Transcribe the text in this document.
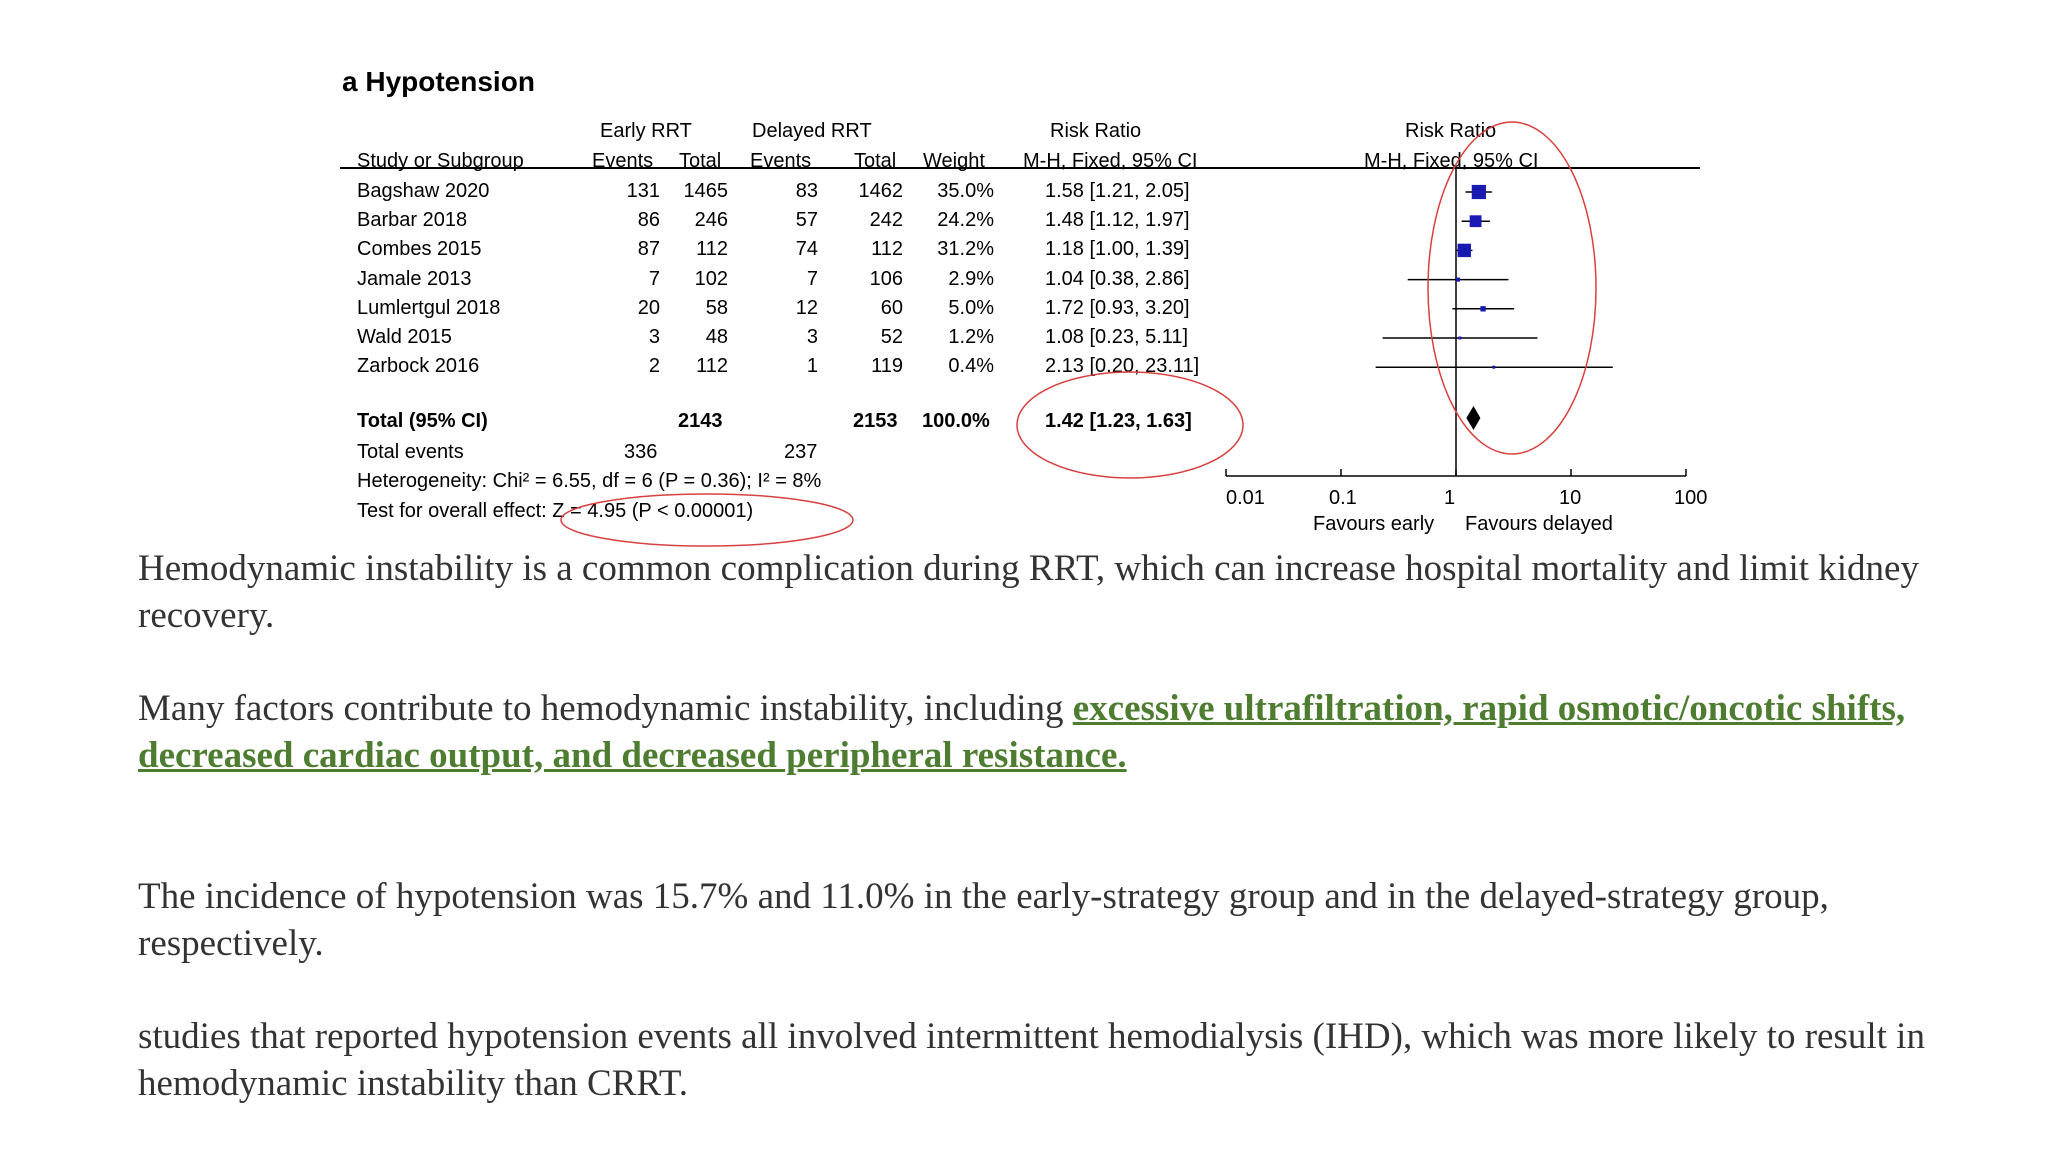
a Hypotension
Early RRT	Delayed RRT	Risk Ratio	Risk Ratio
Study or Subgroup	Events Total Events Total Weight M-H, Fixed, 95% CI	M-H, Fixed, 95% CI
Bagshaw 2020	131 1465	83 1462 35.0%	1.58 [1.21, 2.05]
Barbar 2018	86 246	57	242 24.2%	1.48 [1.12, 1.97]
Combes 2015	87 112	74	112 31.2%	1.18 [1.00, 1.39]
Jamale 2013	7 102	7	106 2.9%	1.04 [0.38, 2.86]
Lumlertgul 2018	20 58	12	60 5.0%	1.72 [0.93, 3.20]
Wald 2015	3 48	3	52 1.2%	1.08 [0.23, 5.11]
Zarbock 2016	2 112	1	119 0.4%	2.13 [0.20, 23.11]
Total (95% CI)	2143	2153 100.0%	1.42 [1.23, 1.63]
Total events	336	237
Heterogeneity: Chi² = 6.55, df = 6 (P = 0.36); I² = 8%
Test for overall effect: Z = 4.95 (P < 0.00001)
0.01	0.1	1	10	100
Favours early Favours delayed
Hemodynamic instability is a common complication during RRT, which can increase hospital mortality and limit kidney recovery.
Many factors contribute to hemodynamic instability, including excessive ultrafiltration, rapid osmotic/oncotic shifts, decreased cardiac output, and decreased peripheral resistance.
The incidence of hypotension was 15.7% and 11.0% in the early-strategy group and in the delayed-strategy group, respectively.
studies that reported hypotension events all involved intermittent hemodialysis (IHD), which was more likely to result in hemodynamic instability than CRRT.
